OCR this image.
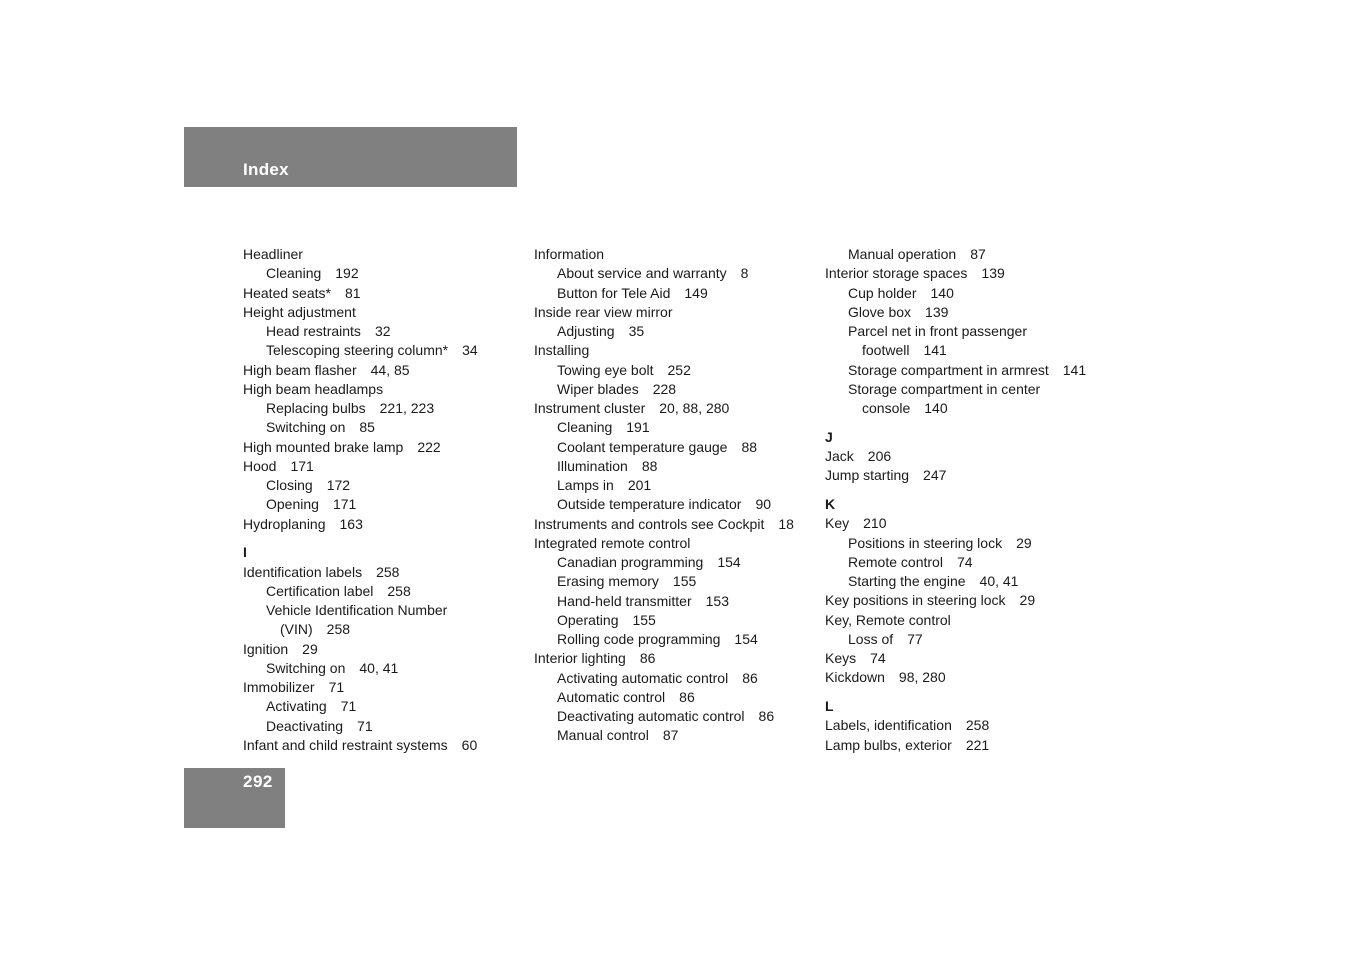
Index
Headliner
Cleaning 192
Heated seats* 81
Height adjustment
Head restraints 32
Telescoping steering column* 34
High beam flasher 44, 85
High beam headlamps
Replacing bulbs 221, 223
Switching on 85
High mounted brake lamp 222
Hood 171
Closing 172
Opening 171
Hydroplaning 163
I
Identification labels 258
Certification label 258
Vehicle Identification Number
(VIN) 258
Ignition 29
Switching on 40, 41
Immobilizer 71
Activating 71
Deactivating 71
Infant and child restraint systems 60
Information
About service and warranty 8
Button for Tele Aid 149
Inside rear view mirror
Adjusting 35
Installing
Towing eye bolt 252
Wiper blades 228
Instrument cluster 20, 88, 280
Cleaning 191
Coolant temperature gauge 88
Illumination 88
Lamps in 201
Outside temperature indicator 90
Instruments and controls see Cockpit 18
Integrated remote control
Canadian programming 154
Erasing memory 155
Hand-held transmitter 153
Operating 155
Rolling code programming 154
Interior lighting 86
Activating automatic control 86
Automatic control 86
Deactivating automatic control 86
Manual control 87
Manual operation 87
Interior storage spaces 139
Cup holder 140
Glove box 139
Parcel net in front passenger
footwell 141
Storage compartment in armrest 141
Storage compartment in center
console 140
J
Jack 206
Jump starting 247
K
Key 210
Positions in steering lock 29
Remote control 74
Starting the engine 40, 41
Key positions in steering lock 29
Key, Remote control
Loss of 77
Keys 74
Kickdown 98, 280
L
Labels, identification 258
Lamp bulbs, exterior 221
292
